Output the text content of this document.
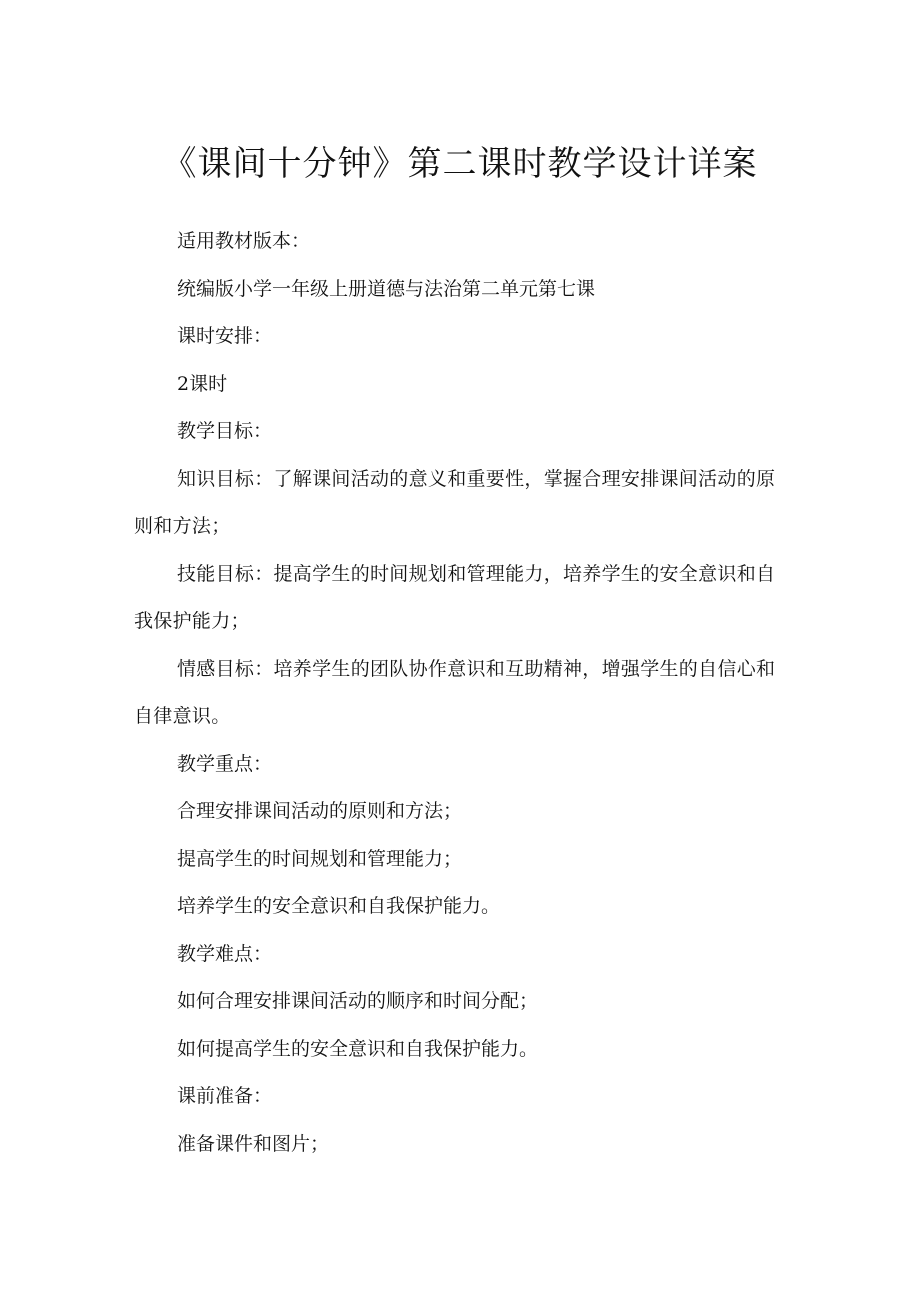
《课间十分钟》第二课时教学设计详案

适用教材版本：

统编版小学一年级上册道德与法治第二单元第七课

课时安排：

2课时

教学目标：

知识目标：了解课间活动的意义和重要性，掌握合理安排课间活动的原则和方法；

技能目标：提高学生的时间规划和管理能力，培养学生的安全意识和自我保护能力；

情感目标：培养学生的团队协作意识和互助精神，增强学生的自信心和自律意识。

教学重点：

合理安排课间活动的原则和方法；

提高学生的时间规划和管理能力；

培养学生的安全意识和自我保护能力。

教学难点：

如何合理安排课间活动的顺序和时间分配；

如何提高学生的安全意识和自我保护能力。

课前准备：

准备课件和图片；
